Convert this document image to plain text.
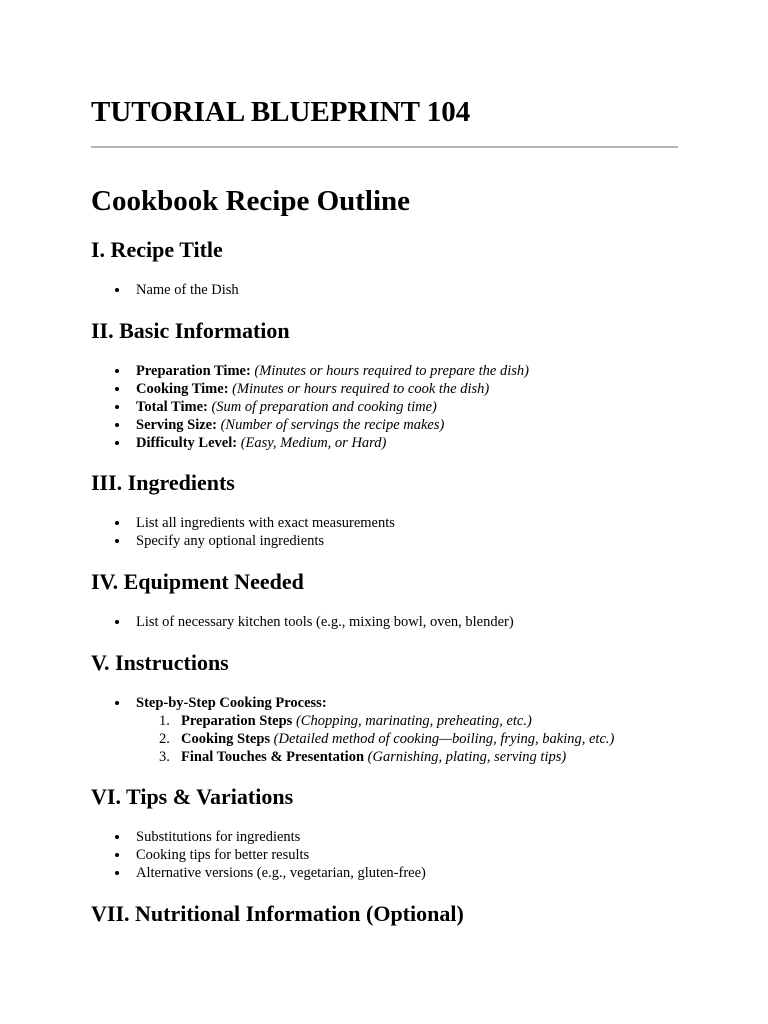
TUTORIAL BLUEPRINT 104
Cookbook Recipe Outline
I. Recipe Title
Name of the Dish
II. Basic Information
Preparation Time: (Minutes or hours required to prepare the dish)
Cooking Time: (Minutes or hours required to cook the dish)
Total Time: (Sum of preparation and cooking time)
Serving Size: (Number of servings the recipe makes)
Difficulty Level: (Easy, Medium, or Hard)
III. Ingredients
List all ingredients with exact measurements
Specify any optional ingredients
IV. Equipment Needed
List of necessary kitchen tools (e.g., mixing bowl, oven, blender)
V. Instructions
Step-by-Step Cooking Process:
1. Preparation Steps (Chopping, marinating, preheating, etc.)
2. Cooking Steps (Detailed method of cooking—boiling, frying, baking, etc.)
3. Final Touches & Presentation (Garnishing, plating, serving tips)
VI. Tips & Variations
Substitutions for ingredients
Cooking tips for better results
Alternative versions (e.g., vegetarian, gluten-free)
VII. Nutritional Information (Optional)
